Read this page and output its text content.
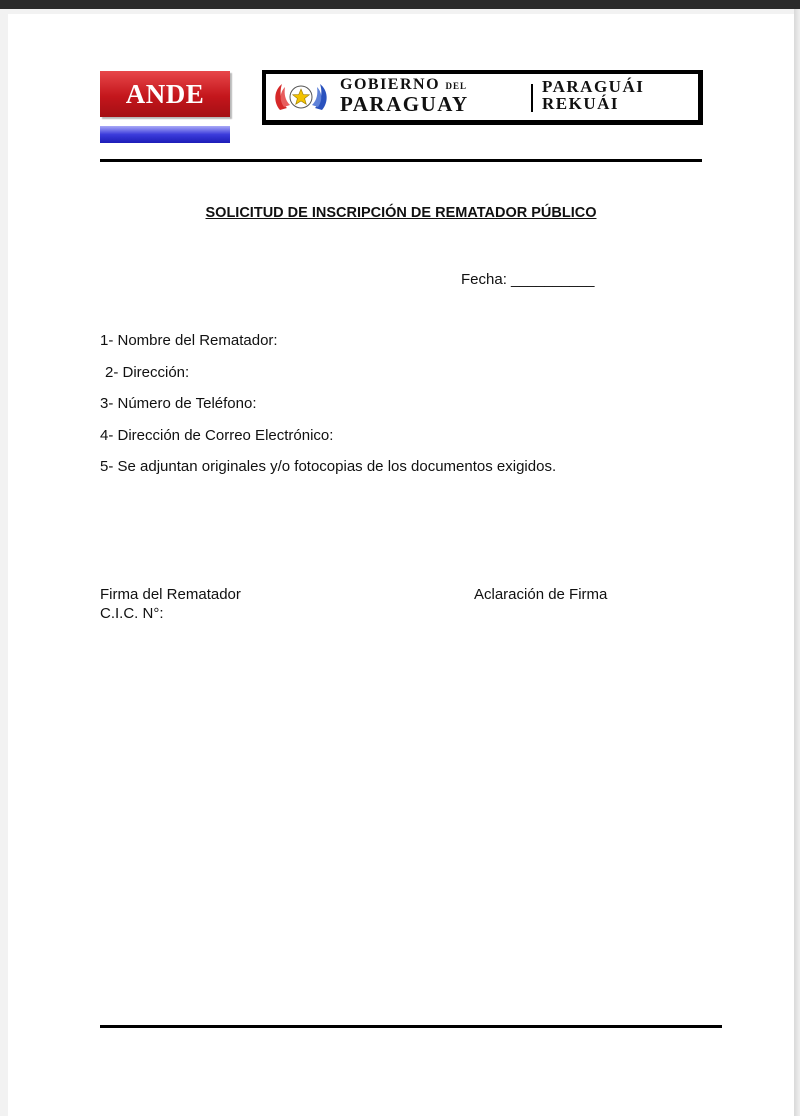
ANDE	GOBIERNO DEL
PARAGUAY
PARAGUÁI
REKUÁI
SOLICITUD DE INSCRIPCIÓN DE REMATADOR PÚBLICO
Fecha: __________
1- Nombre del Rematador:
2- Dirección:
3- Número de Teléfono:
4- Dirección de Correo Electrónico:
5- Se adjuntan originales y/o fotocopias de los documentos exigidos.
Firma del Rematador
C.I.C. N°:
Aclaración de Firma
